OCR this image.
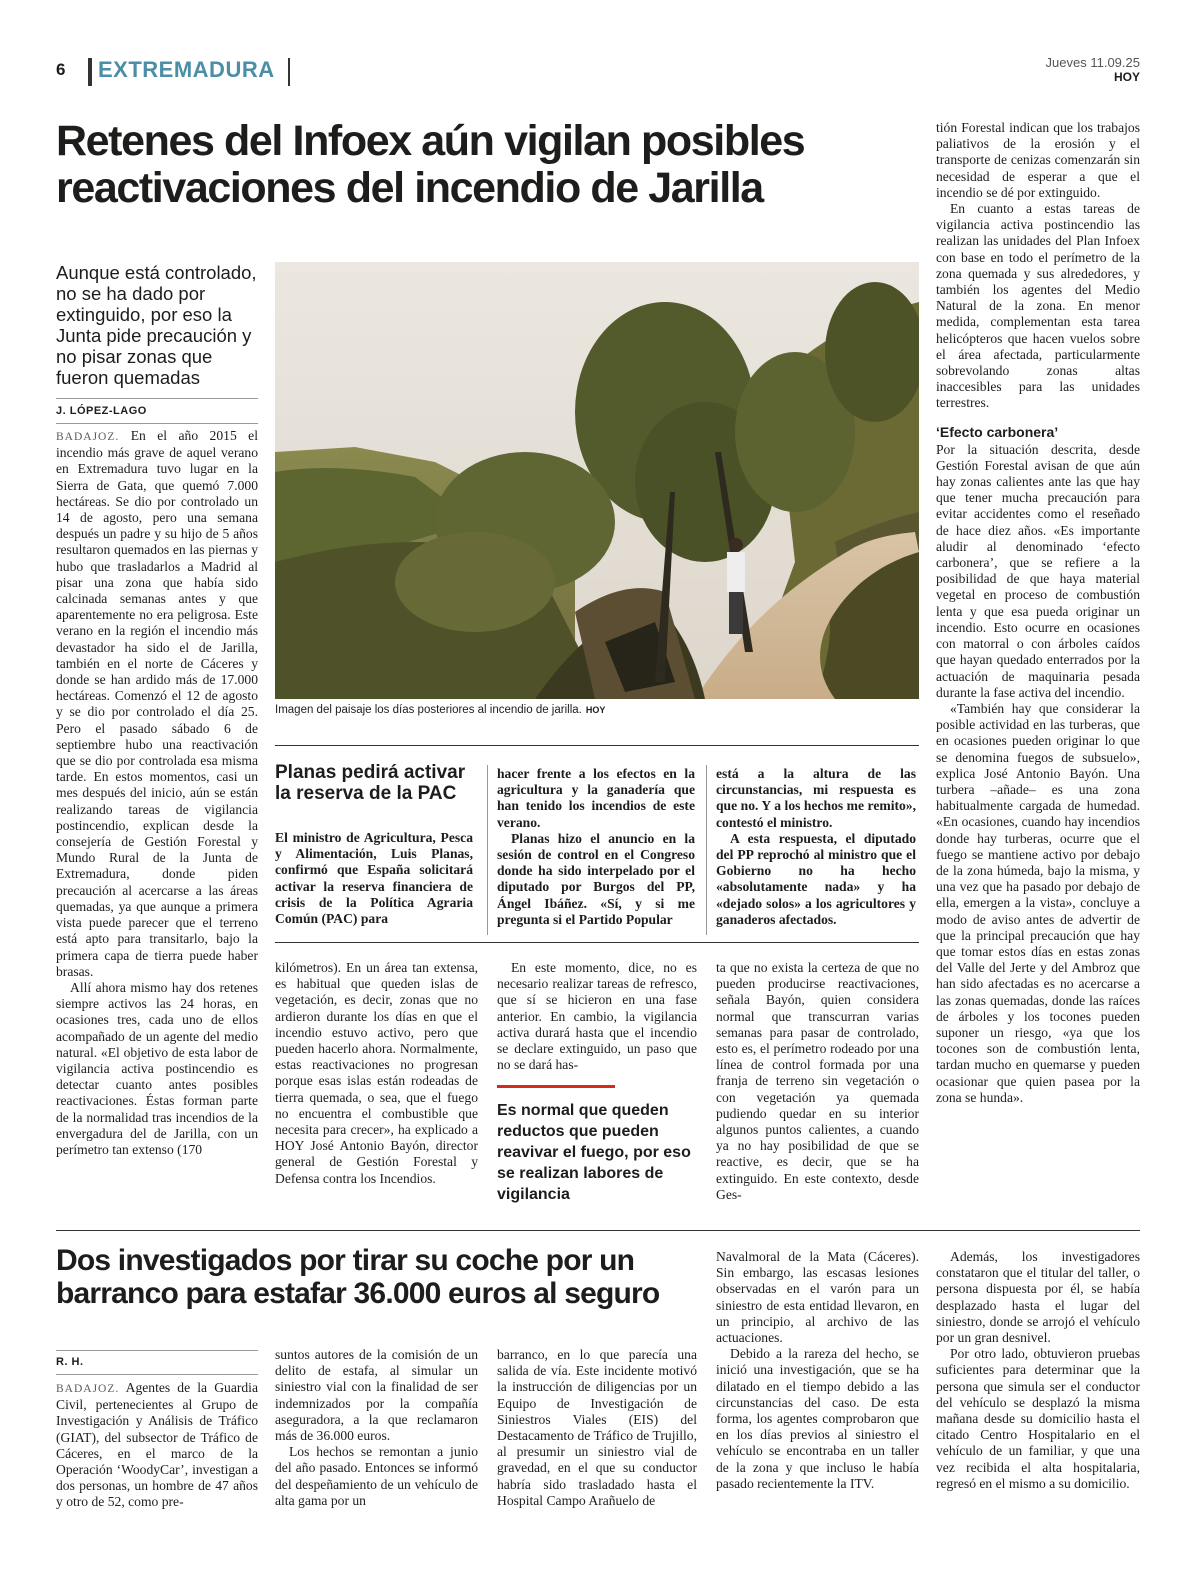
6 EXTREMADURA	Jueves 11.09.25
HOY
Retenes del Infoex aún vigilan posibles reactivaciones del incendio de Jarilla

Aunque está controlado, no se ha dado por extinguido, por eso la Junta pide precaución y no pisar zonas que fueron quemadas

J. LÓPEZ-LAGO

BADAJOZ. En el año 2015 el incendio más grave de aquel verano en Extremadura tuvo lugar en la Sierra de Gata, que quemó 7.000 hectáreas. Se dio por controlado un 14 de agosto, pero una semana después un padre y su hijo de 5 años resultaron quemados en las piernas y hubo que trasladarlos a Madrid al pisar una zona que había sido calcinada semanas antes y que aparentemente no era peligrosa. Este verano en la región el incendio más devastador ha sido el de Jarilla, también en el norte de Cáceres y donde se han ardido más de 17.000 hectáreas. Comenzó el 12 de agosto y se dio por controlado el día 25. Pero el pasado sábado 6 de septiembre hubo una reactivación que se dio por controlada esa misma tarde. En estos momentos, casi un mes después del inicio, aún se están realizando tareas de vigilancia postincendio, explican desde la consejería de Gestión Forestal y Mundo Rural de la Junta de Extremadura, donde piden precaución al acercarse a las áreas quemadas, ya que aunque a primera vista puede parecer que el terreno está apto para transitarlo, bajo la primera capa de tierra puede haber brasas.

Allí ahora mismo hay dos retenes siempre activos las 24 horas, en ocasiones tres, cada uno de ellos acompañado de un agente del medio natural. «El objetivo de esta labor de vigilancia activa postincendio es detectar cuanto antes posibles reactivaciones. Éstas forman parte de la normalidad tras incendios de la envergadura del de Jarilla, con un perímetro tan extenso (170

Imagen del paisaje los días posteriores al incendio de jarilla. HOY
Planas pedirá activar la reserva de la PAC

El ministro de Agricultura, Pesca y Alimentación, Luis Planas, confirmó que España solicitará activar la reserva financiera de crisis de la Política Agraria Común (PAC) para

hacer frente a los efectos en la agricultura y la ganadería que han tenido los incendios de este verano.

Planas hizo el anuncio en la sesión de control en el Congreso donde ha sido interpelado por el diputado por Burgos del PP, Ángel Ibáñez. «Sí, y si me pregunta si el Partido Popular

está a la altura de las circunstancias, mi respuesta es que no. Y a los hechos me remito», contestó el ministro.

A esta respuesta, el diputado del PP reprochó al ministro que el Gobierno no ha hecho «absolutamente nada» y ha «dejado solos» a los agricultores y ganaderos afectados.

kilómetros). En un área tan extensa, es habitual que queden islas de vegetación, es decir, zonas que no ardieron durante los días en que el incendio estuvo activo, pero que pueden hacerlo ahora. Normalmente, estas reactivaciones no progresan porque esas islas están rodeadas de tierra quemada, o sea, que el fuego no encuentra el combustible que necesita para crecer», ha explicado a HOY José Antonio Bayón, director general de Gestión Forestal y Defensa contra los Incendios.

En este momento, dice, no es necesario realizar tareas de refresco, que sí se hicieron en una fase anterior. En cambio, la vigilancia activa durará hasta que el incendio se declare extinguido, un paso que no se dará has-

Es normal que queden reductos que pueden reavivar el fuego, por eso se realizan labores de vigilancia

ta que no exista la certeza de que no pueden producirse reactivaciones, señala Bayón, quien considera normal que transcurran varias semanas para pasar de controlado, esto es, el perímetro rodeado por una línea de control formada por una franja de terreno sin vegetación o con vegetación ya quemada pudiendo quedar en su interior algunos puntos calientes, a cuando ya no hay posibilidad de que se reactive, es decir, que se ha extinguido. En este contexto, desde Ges-

tión Forestal indican que los trabajos paliativos de la erosión y el transporte de cenizas comenzarán sin necesidad de esperar a que el incendio se dé por extinguido.

En cuanto a estas tareas de vigilancia activa postincendio las realizan las unidades del Plan Infoex con base en todo el perímetro de la zona quemada y sus alrededores, y también los agentes del Medio Natural de la zona. En menor medida, complementan esta tarea helicópteros que hacen vuelos sobre el área afectada, particularmente sobrevolando zonas altas inaccesibles para las unidades terrestres.

‘Efecto carbonera’

Por la situación descrita, desde Gestión Forestal avisan de que aún hay zonas calientes ante las que hay que tener mucha precaución para evitar accidentes como el reseñado de hace diez años. «Es importante aludir al denominado ‘efecto carbonera’, que se refiere a la posibilidad de que haya material vegetal en proceso de combustión lenta y que esa pueda originar un incendio. Esto ocurre en ocasiones con matorral o con árboles caídos que hayan quedado enterrados por la actuación de maquinaria pesada durante la fase activa del incendio.

«También hay que considerar la posible actividad en las turberas, que en ocasiones pueden originar lo que se denomina fuegos de subsuelo», explica José Antonio Bayón. Una turbera –añade– es una zona habitualmente cargada de humedad. «En ocasiones, cuando hay incendios donde hay turberas, ocurre que el fuego se mantiene activo por debajo de la zona húmeda, bajo la misma, y una vez que ha pasado por debajo de ella, emergen a la vista», concluye a modo de aviso antes de advertir de que la principal precaución que hay que tomar estos días en estas zonas del Valle del Jerte y del Ambroz que han sido afectadas es no acercarse a las zonas quemadas, donde las raíces de árboles y los tocones pueden suponer un riesgo, «ya que los tocones son de combustión lenta, tardan mucho en quemarse y pueden ocasionar que quien pasea por la zona se hunda».

Dos investigados por tirar su coche por un barranco para estafar 36.000 euros al seguro
R. H.

BADAJOZ. Agentes de la Guardia Civil, pertenecientes al Grupo de Investigación y Análisis de Tráfico (GIAT), del subsector de Tráfico de Cáceres, en el marco de la Operación ‘WoodyCar’, investigan a dos personas, un hombre de 47 años y otro de 52, como pre-

suntos autores de la comisión de un delito de estafa, al simular un siniestro vial con la finalidad de ser indemnizados por la compañía aseguradora, a la que reclamaron más de 36.000 euros.

Los hechos se remontan a junio del año pasado. Entonces se informó del despeñamiento de un vehículo de alta gama por un

barranco, en lo que parecía una salida de vía. Este incidente motivó la instrucción de diligencias por un Equipo de Investigación de Siniestros Viales (EIS) del Destacamento de Tráfico de Trujillo, al presumir un siniestro vial de gravedad, en el que su conductor habría sido trasladado hasta el Hospital Campo Arañuelo de

Navalmoral de la Mata (Cáceres). Sin embargo, las escasas lesiones observadas en el varón para un siniestro de esta entidad llevaron, en un principio, al archivo de las actuaciones.

Debido a la rareza del hecho, se inició una investigación, que se ha dilatado en el tiempo debido a las circunstancias del caso. De esta forma, los agentes comprobaron que en los días previos al siniestro el vehículo se encontraba en un taller de la zona y que incluso le había pasado recientemente la ITV.

Además, los investigadores constataron que el titular del taller, o persona dispuesta por él, se había desplazado hasta el lugar del siniestro, donde se arrojó el vehículo por un gran desnivel.

Por otro lado, obtuvieron pruebas suficientes para determinar que la persona que simula ser el conductor del vehículo se desplazó la misma mañana desde su domicilio hasta el citado Centro Hospitalario en el vehículo de un familiar, y que una vez recibida el alta hospitalaria, regresó en el mismo a su domicilio.
